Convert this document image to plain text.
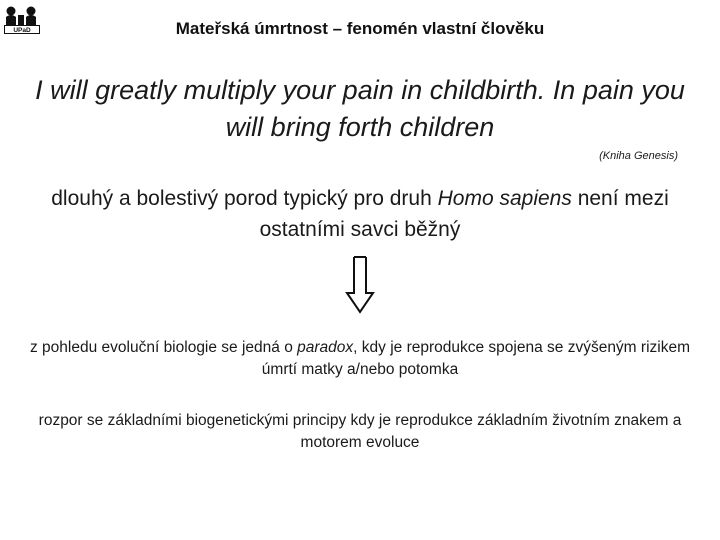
UPaD	Mateřská úmrtnost – fenomén vlastní člověku
I will greatly multiply your pain in childbirth. In pain you will bring forth children
(Kniha Genesis)
dlouhý a bolestivý porod typický pro druh Homo sapiens není mezi ostatními savci běžný
z pohledu evoluční biologie se jedná o paradox, kdy je reprodukce spojena se zvýšeným rizikem úmrtí matky a/nebo potomka
rozpor se základními biogenetickými principy kdy je reprodukce základním životním znakem a motorem evoluce
